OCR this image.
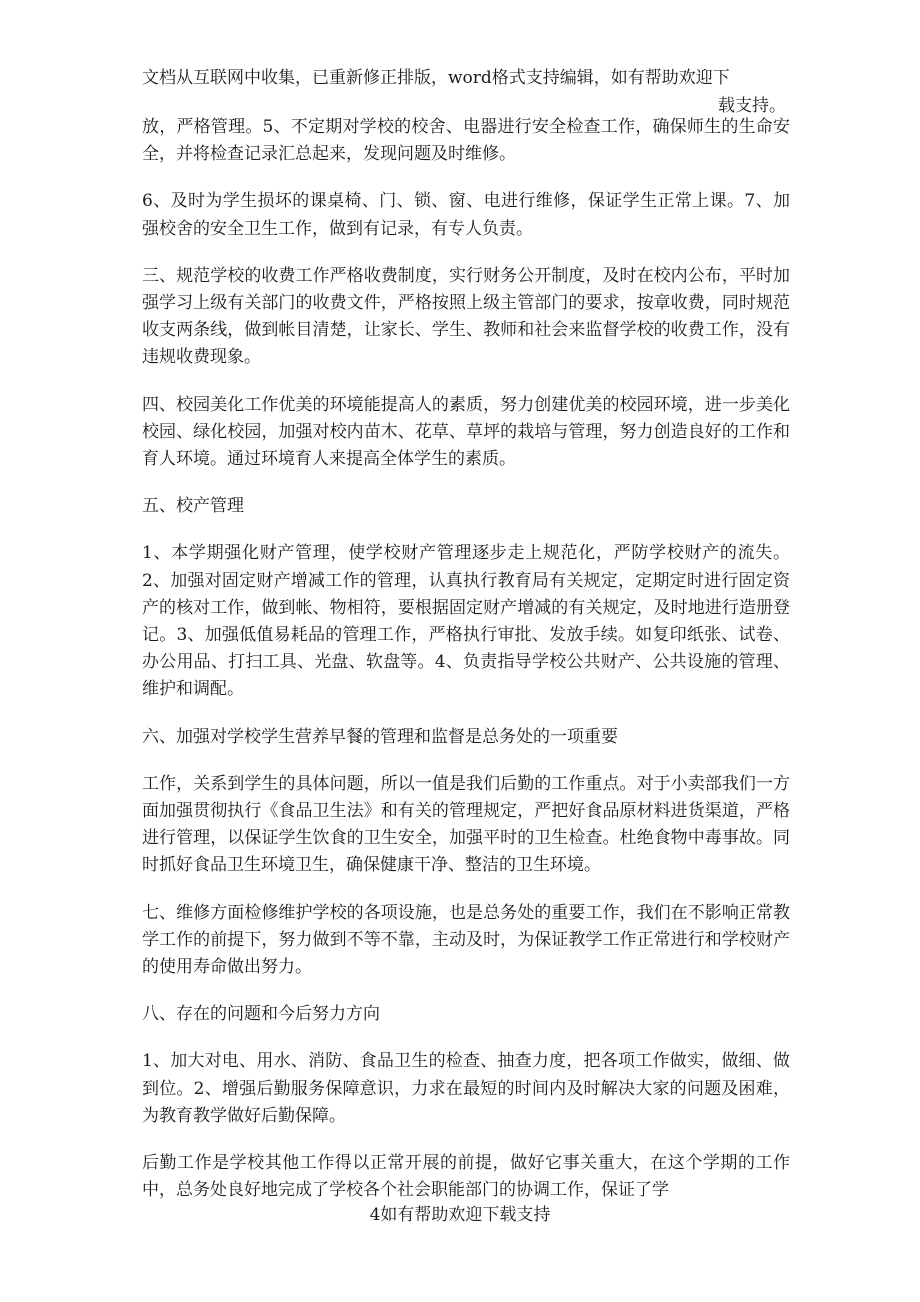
文档从互联网中收集，已重新修正排版，word格式支持编辑，如有帮助欢迎下
载支持。

放，严格管理。5、不定期对学校的校舍、电器进行安全检查工作，确保师生的生命安全，并将检查记录汇总起来，发现问题及时维修。

6、及时为学生损坏的课桌椅、门、锁、窗、电进行维修，保证学生正常上课。7、加强校舍的安全卫生工作，做到有记录，有专人负责。

三、规范学校的收费工作严格收费制度，实行财务公开制度，及时在校内公布，平时加强学习上级有关部门的收费文件，严格按照上级主管部门的要求，按章收费，同时规范收支两条线，做到帐目清楚，让家长、学生、教师和社会来监督学校的收费工作，没有违规收费现象。

四、校园美化工作优美的环境能提高人的素质，努力创建优美的校园环境，进一步美化校园、绿化校园，加强对校内苗木、花草、草坪的栽培与管理，努力创造良好的工作和育人环境。通过环境育人来提高全体学生的素质。

五、校产管理

1、本学期强化财产管理，使学校财产管理逐步走上规范化，严防学校财产的流失。2、加强对固定财产增减工作的管理，认真执行教育局有关规定，定期定时进行固定资产的核对工作，做到帐、物相符，要根据固定财产增减的有关规定，及时地进行造册登记。3、加强低值易耗品的管理工作，严格执行审批、发放手续。如复印纸张、试卷、办公用品、打扫工具、光盘、软盘等。4、负责指导学校公共财产、公共设施的管理、维护和调配。

六、加强对学校学生营养早餐的管理和监督是总务处的一项重要

工作，关系到学生的具体问题，所以一值是我们后勤的工作重点。对于小卖部我们一方面加强贯彻执行《食品卫生法》和有关的管理规定，严把好食品原材料进货渠道，严格进行管理，以保证学生饮食的卫生安全，加强平时的卫生检查。杜绝食物中毒事故。同时抓好食品卫生环境卫生，确保健康干净、整洁的卫生环境。

七、维修方面检修维护学校的各项设施，也是总务处的重要工作，我们在不影响正常教学工作的前提下，努力做到不等不靠，主动及时，为保证教学工作正常进行和学校财产的使用寿命做出努力。

八、存在的问题和今后努力方向

1、加大对电、用水、消防、食品卫生的检查、抽查力度，把各项工作做实，做细、做到位。2、增强后勤服务保障意识，力求在最短的时间内及时解决大家的问题及困难，为教育教学做好后勤保障。

后勤工作是学校其他工作得以正常开展的前提，做好它事关重大，在这个学期的工作中，总务处良好地完成了学校各个社会职能部门的协调工作，保证了学

4如有帮助欢迎下载支持
